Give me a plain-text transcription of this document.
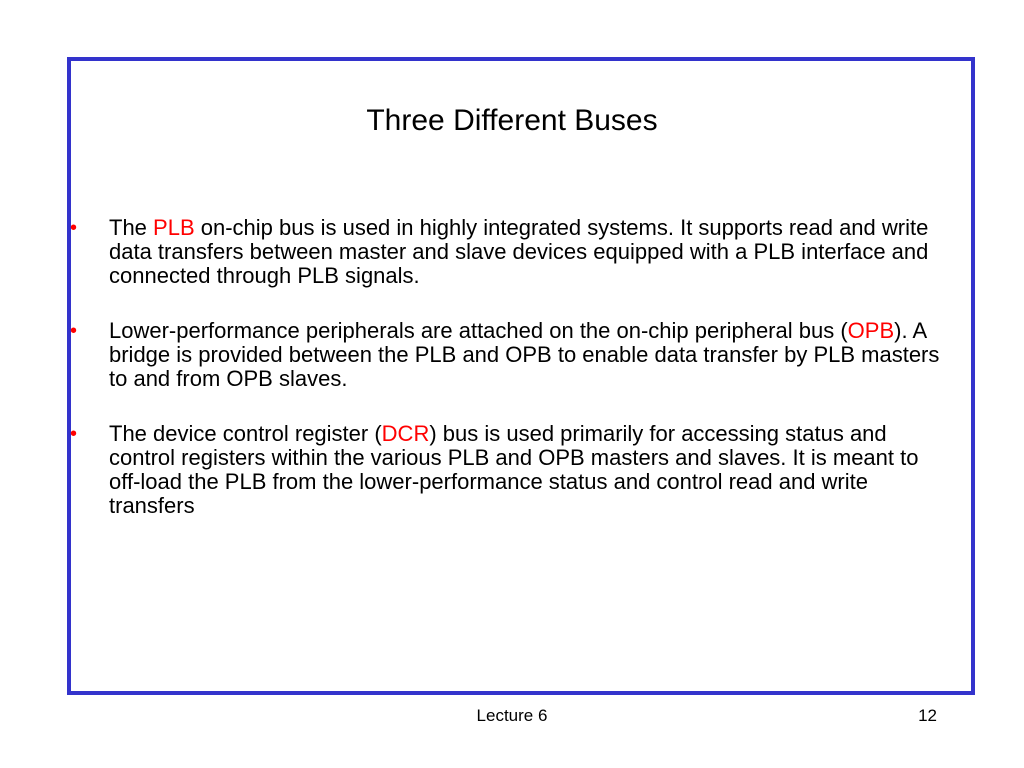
Three Different Buses
•
The PLB on-chip bus is used in highly integrated systems. It supports read and write data transfers between master and slave devices equipped with a PLB interface and connected through PLB signals.
•
Lower-performance peripherals are attached on the on-chip peripheral bus (OPB). A bridge is provided between the PLB and OPB to enable data transfer by PLB masters to and from OPB slaves.
•
The device control register (DCR) bus is used primarily for accessing status and control registers within the various PLB and OPB masters and slaves. It is meant to off-load the PLB from the lower-performance status and control read and write transfers
Lecture 6	12
